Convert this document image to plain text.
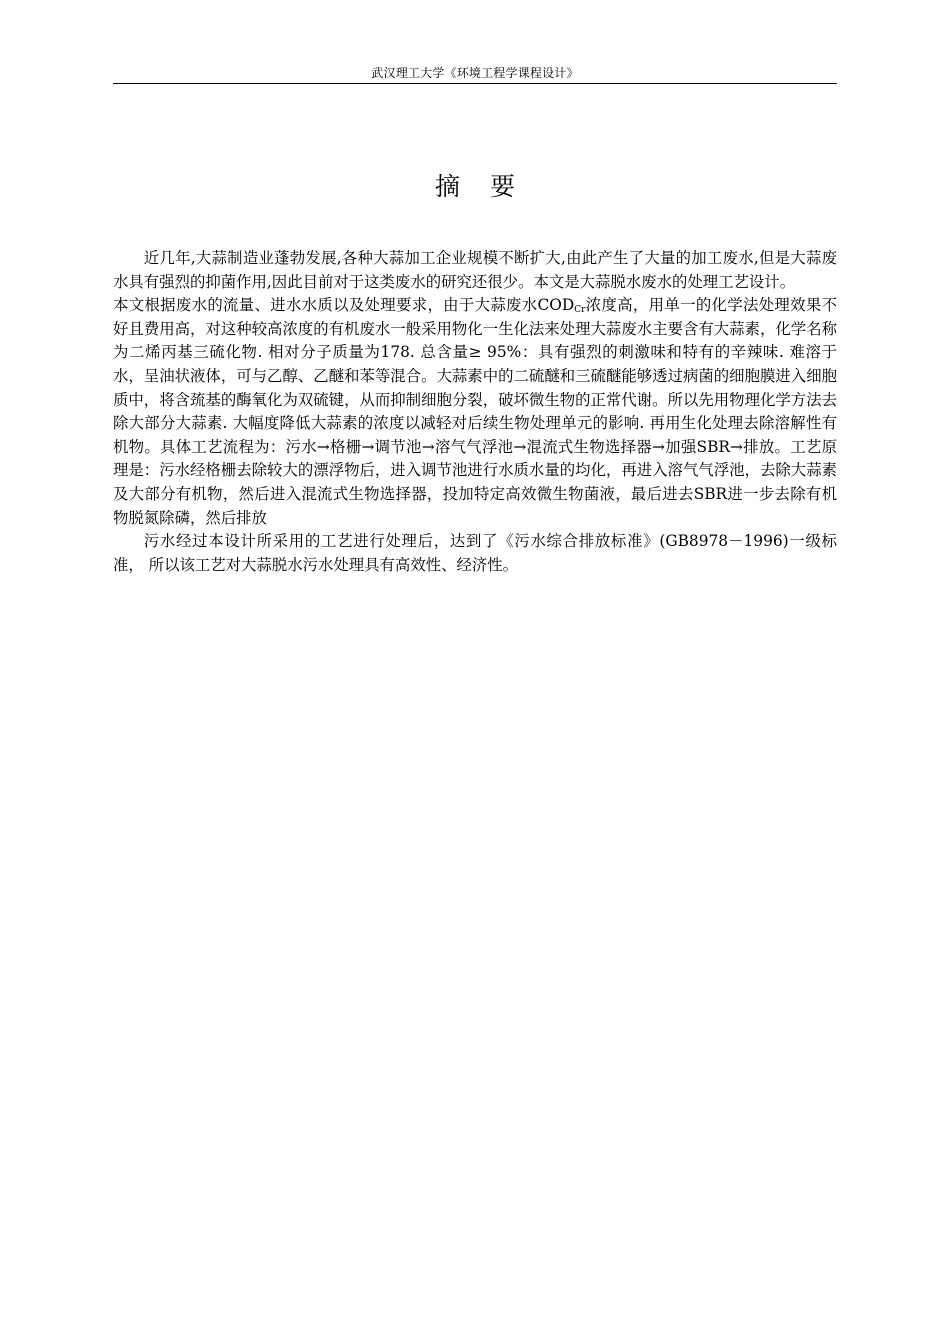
武汉理工大学《环境工程学课程设计》
摘 要

近几年,大蒜制造业蓬勃发展,各种大蒜加工企业规模不断扩大,由此产生了大量的加工废水,但是大蒜废水具有强烈的抑菌作用,因此目前对于这类废水的研究还很少。本文是大蒜脱水废水的处理工艺设计。

本文根据废水的流量、进水水质以及处理要求，由于大蒜废水$COD_{Cr}$浓度高，用单一的化学法处理效果不好且费用高，对这种较高浓度的有机废水一般采用物化一生化法来处理大蒜废水主要含有大蒜素，化学名称为二烯丙基三硫化物. 相对分子质量为178. 总含量≥ 95%：具有强烈的刺激味和特有的辛辣味. 难溶于水，呈油状液体，可与乙醇、乙醚和苯等混合。大蒜素中的二硫醚和三硫醚能够透过病菌的细胞膜进入细胞质中，将含巯基的酶氧化为双硫键，从而抑制细胞分裂，破坏微生物的正常代谢。所以先用物理化学方法去除大部分大蒜素. 大幅度降低大蒜素的浓度以减轻对后续生物处理单元的影响. 再用生化处理去除溶解性有机物。具体工艺流程为：污水→格栅→调节池→溶气气浮池→混流式生物选择器→加强SBR→排放。工艺原理是：污水经格栅去除较大的漂浮物后，进入调节池进行水质水量的均化，再进入溶气气浮池，去除大蒜素及大部分有机物，然后进入混流式生物选择器，投加特定高效微生物菌液，最后进去SBR进一步去除有机物脱氮除磷，然后排放

污水经过本设计所采用的工艺进行处理后，达到了《污水综合排放标准》(GB8978－1996)一级标准， 所以该工艺对大蒜脱水污水处理具有高效性、经济性。
